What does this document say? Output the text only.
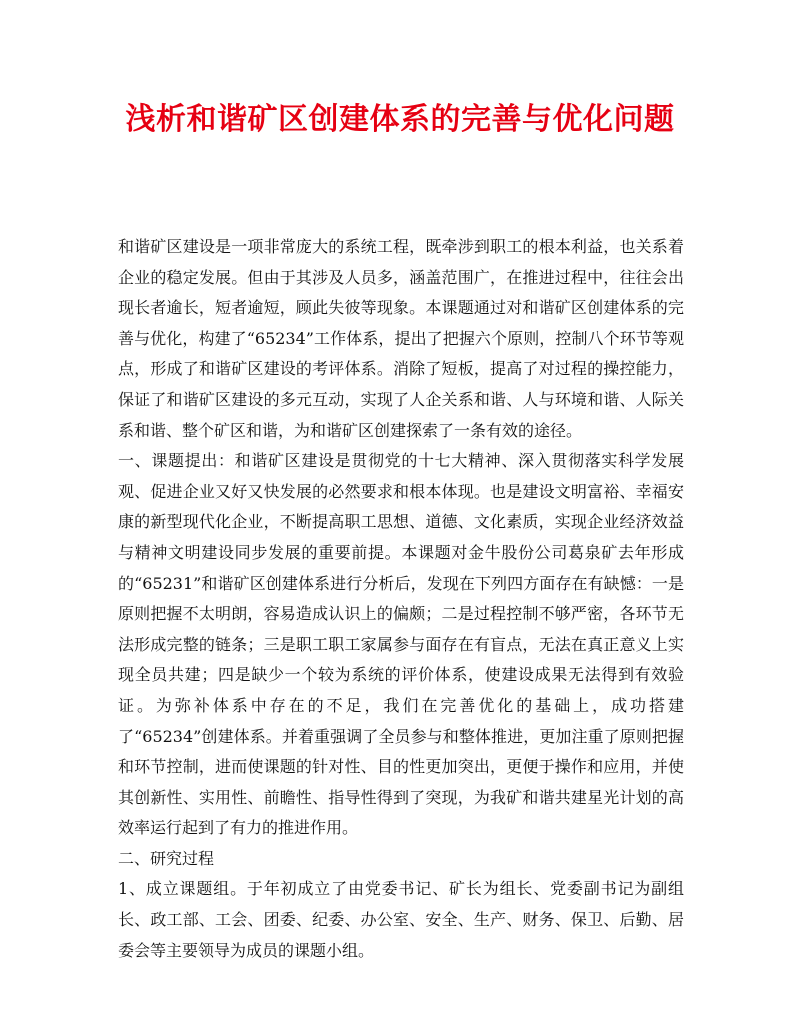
浅析和谐矿区创建体系的完善与优化问题

和谐矿区建设是一项非常庞大的系统工程，既牵涉到职工的根本利益，也关系着企业的稳定发展。但由于其涉及人员多，涵盖范围广，在推进过程中，往往会出现长者逾长，短者逾短，顾此失彼等现象。本课题通过对和谐矿区创建体系的完善与优化，构建了“65234”工作体系，提出了把握六个原则，控制八个环节等观点，形成了和谐矿区建设的考评体系。消除了短板，提高了对过程的操控能力，保证了和谐矿区建设的多元互动，实现了人企关系和谐、人与环境和谐、人际关系和谐、整个矿区和谐，为和谐矿区创建探索了一条有效的途径。

一、课题提出：和谐矿区建设是贯彻党的十七大精神、深入贯彻落实科学发展观、促进企业又好又快发展的必然要求和根本体现。也是建设文明富裕、幸福安康的新型现代化企业，不断提高职工思想、道德、文化素质，实现企业经济效益与精神文明建设同步发展的重要前提。本课题对金牛股份公司葛泉矿去年形成的“65231”和谐矿区创建体系进行分析后，发现在下列四方面存在有缺憾：一是原则把握不太明朗，容易造成认识上的偏颇；二是过程控制不够严密，各环节无法形成完整的链条；三是职工职工家属参与面存在有盲点，无法在真正意义上实现全员共建；四是缺少一个较为系统的评价体系，使建设成果无法得到有效验证。为弥补体系中存在的不足，我们在完善优化的基础上，成功搭建了“65234”创建体系。并着重强调了全员参与和整体推进，更加注重了原则把握和环节控制，进而使课题的针对性、目的性更加突出，更便于操作和应用，并使其创新性、实用性、前瞻性、指导性得到了突现，为我矿和谐共建星光计划的高效率运行起到了有力的推进作用。

二、研究过程

1、成立课题组。于年初成立了由党委书记、矿长为组长、党委副书记为副组长、政工部、工会、团委、纪委、办公室、安全、生产、财务、保卫、后勤、居委会等主要领导为成员的课题小组。
